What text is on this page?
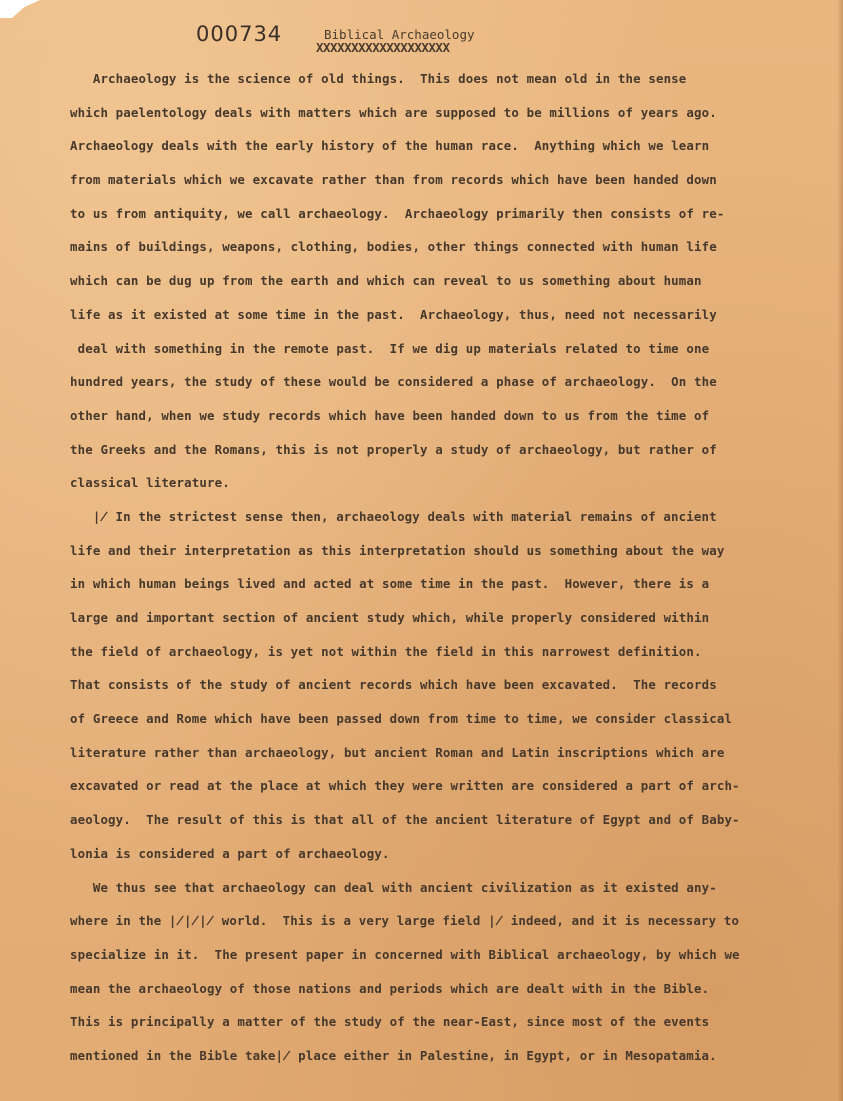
000734	Biblical Archaeology
XXXXXXXXXXXXXXXXXXX
Archaeology is the science of old things.  This does not mean old in the sense
which paelentology deals with matters which are supposed to be millions of years ago.
Archaeology deals with the early history of the human race.  Anything which we learn
from materials which we excavate rather than from records which have been handed down
to us from antiquity, we call archaeology.  Archaeology primarily then consists of re-
mains of buildings, weapons, clothing, bodies, other things connected with human life
which can be dug up from the earth and which can reveal to us something about human
life as it existed at some time in the past.  Archaeology, thus, need not necessarily
deal with something in the remote past.  If we dig up materials related to time one
hundred years, the study of these would be considered a phase of archaeology.  On the
other hand, when we study records which have been handed down to us from the time of
the Greeks and the Romans, this is not properly a study of archaeology, but rather of
classical literature.
∤ In the strictest sense then, archaeology deals with material remains of ancient
life and their interpretation as this interpretation should us something about the way
in which human beings lived and acted at some time in the past.  However, there is a
large and important section of ancient study which, while properly considered within
the field of archaeology, is yet not within the field in this narrowest definition.
That consists of the study of ancient records which have been excavated.  The records
of Greece and Rome which have been passed down from time to time, we consider classical
literature rather than archaeology, but ancient Roman and Latin inscriptions which are
excavated or read at the place at which they were written are considered a part of arch-
aeology.  The result of this is that all of the ancient literature of Egypt and of Baby-
lonia is considered a part of archaeology.
We thus see that archaeology can deal with ancient civilization as it existed any-
where in the ∤∤∤ world.  This is a very large field ∤ indeed, and it is necessary to
specialize in it.  The present paper in concerned with Biblical archaeology, by which we
mean the archaeology of those nations and periods which are dealt with in the Bible.
This is principally a matter of the study of the near-East, since most of the events
mentioned in the Bible take∤ place either in Palestine, in Egypt, or in Mesopatamia.
